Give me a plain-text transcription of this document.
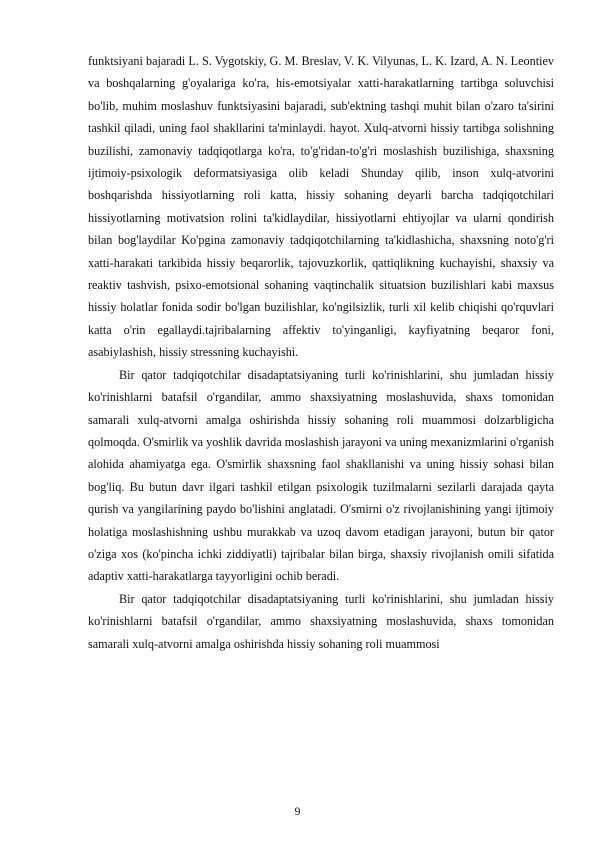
funktsiyani bajaradi L. S. Vygotskiy, G. M. Breslav, V. K. Vilyunas, L. K. Izard, A. N. Leontiev va boshqalarning g'oyalariga ko'ra, his-emotsiyalar xatti-harakatlarning tartibga soluvchisi bo'lib, muhim moslashuv funktsiyasini bajaradi, sub'ektning tashqi muhit bilan o'zaro ta'sirini tashkil qiladi, uning faol shakllarini ta'minlaydi. hayot. Xulq-atvorni hissiy tartibga solishning buzilishi, zamonaviy tadqiqotlarga ko'ra, to'g'ridan-to'g'ri moslashish buzilishiga, shaxsning ijtimoiy-psixologik deformatsiyasiga olib keladi Shunday qilib, inson xulq-atvorini boshqarishda hissiyotlarning roli katta, hissiy sohaning deyarli barcha tadqiqotchilari hissiyotlarning motivatsion rolini ta'kidlaydilar, hissiyotlarni ehtiyojlar va ularni qondirish bilan bog'laydilar Ko'pgina zamonaviy tadqiqotchilarning ta'kidlashicha, shaxsning noto'g'ri xatti-harakati tarkibida hissiy beqarorlik, tajovuzkorlik, qattiqlikning kuchayishi, shaxsiy va reaktiv tashvish, psixo-emotsional sohaning vaqtinchalik situatsion buzilishlari kabi maxsus hissiy holatlar fonida sodir bo'lgan buzilishlar, ko'ngilsizlik, turli xil kelib chiqishi qo'rquvlari katta o'rin egallaydi.tajribalarning affektiv to'yinganligi, kayfiyatning beqaror foni, asabiylashish, hissiy stressning kuchayishi.

Bir qator tadqiqotchilar disadaptatsiyaning turli ko'rinishlarini, shu jumladan hissiy ko'rinishlarni batafsil o'rgandilar, ammo shaxsiyatning moslashuvida, shaxs tomonidan samarali xulq-atvorni amalga oshirishda hissiy sohaning roli muammosi dolzarbligicha qolmoqda. O'smirlik va yoshlik davrida moslashish jarayoni va uning mexanizmlarini o'rganish alohida ahamiyatga ega. O'smirlik shaxsning faol shakllanishi va uning hissiy sohasi bilan bog'liq. Bu butun davr ilgari tashkil etilgan psixologik tuzilmalarni sezilarli darajada qayta qurish va yangilarining paydo bo'lishini anglatadi. O'smirni o'z rivojlanishining yangi ijtimoiy holatiga moslashishning ushbu murakkab va uzoq davom etadigan jarayoni, butun bir qator o'ziga xos (ko'pincha ichki ziddiyatli) tajribalar bilan birga, shaxsiy rivojlanish omili sifatida adaptiv xatti-harakatlarga tayyorligini ochib beradi.

Bir qator tadqiqotchilar disadaptatsiyaning turli ko'rinishlarini, shu jumladan hissiy ko'rinishlarni batafsil o'rgandilar, ammo shaxsiyatning moslashuvida, shaxs tomonidan samarali xulq-atvorni amalga oshirishda hissiy sohaning roli muammosi

9
